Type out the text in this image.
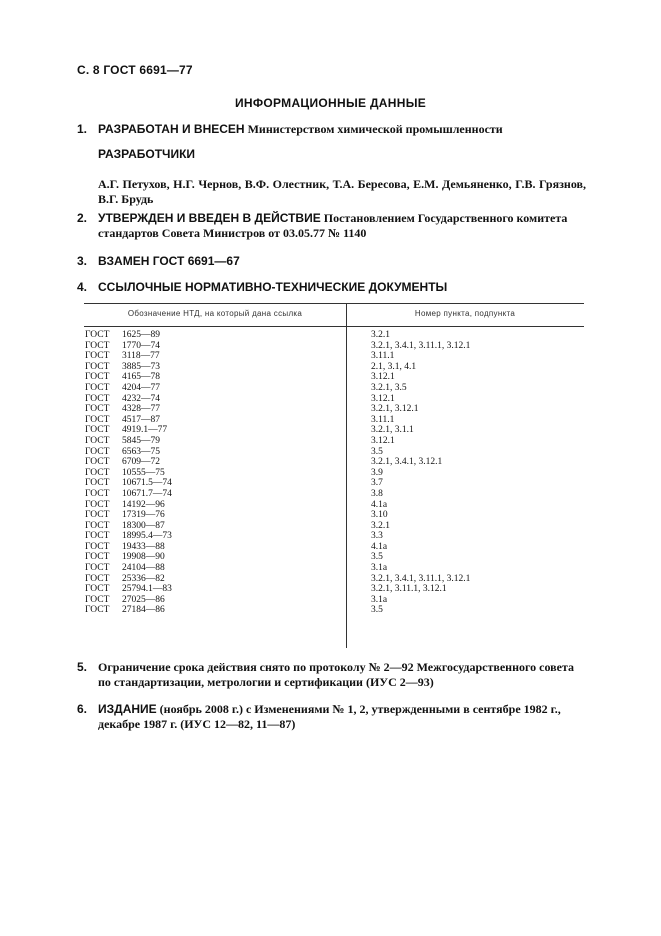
С. 8 ГОСТ 6691—77
ИНФОРМАЦИОННЫЕ ДАННЫЕ
1. РАЗРАБОТАН И ВНЕСЕН Министерством химической промышленности
РАЗРАБОТЧИКИ
А.Г. Петухов, Н.Г. Чернов, В.Ф. Олестник, Т.А. Бересова, Е.М. Демьяненко, Г.В. Грязнов, В.Г. Брудь
2. УТВЕРЖДЕН И ВВЕДЕН В ДЕЙСТВИЕ Постановлением Государственного комитета стандартов Совета Министров от 03.05.77 № 1140
3. ВЗАМЕН ГОСТ 6691—67
4. ССЫЛОЧНЫЕ НОРМАТИВНО-ТЕХНИЧЕСКИЕ ДОКУМЕНТЫ
Обозначение НТД, на который дана ссылка	Номер пункта, подпункта
ГОСТ	1625—89	3.2.1
ГОСТ	1770—74	3.2.1, 3.4.1, 3.11.1, 3.12.1
ГОСТ	3118—77	3.11.1
ГОСТ	3885—73	2.1, 3.1, 4.1
ГОСТ	4165—78	3.12.1
ГОСТ	4204—77	3.2.1, 3.5
ГОСТ	4232—74	3.12.1
ГОСТ	4328—77	3.2.1, 3.12.1
ГОСТ	4517—87	3.11.1
ГОСТ	4919.1—77	3.2.1, 3.1.1
ГОСТ	5845—79	3.12.1
ГОСТ	6563—75	3.5
ГОСТ	6709—72	3.2.1, 3.4.1, 3.12.1
ГОСТ	10555—75	3.9
ГОСТ	10671.5—74	3.7
ГОСТ	10671.7—74	3.8
ГОСТ	14192—96	4.1а
ГОСТ	17319—76	3.10
ГОСТ	18300—87	3.2.1
ГОСТ	18995.4—73	3.3
ГОСТ	19433—88	4.1а
ГОСТ	19908—90	3.5
ГОСТ	24104—88	3.1а
ГОСТ	25336—82	3.2.1, 3.4.1, 3.11.1, 3.12.1
ГОСТ	25794.1—83	3.2.1, 3.11.1, 3.12.1
ГОСТ	27025—86	3.1а
ГОСТ	27184—86	3.5
5. Ограничение срока действия снято по протоколу № 2—92 Межгосударственного совета по стандартизации, метрологии и сертификации (ИУС 2—93)
6. ИЗДАНИЕ (ноябрь 2008 г.) с Изменениями № 1, 2, утвержденными в сентябре 1982 г., декабре 1987 г. (ИУС 12—82, 11—87)
